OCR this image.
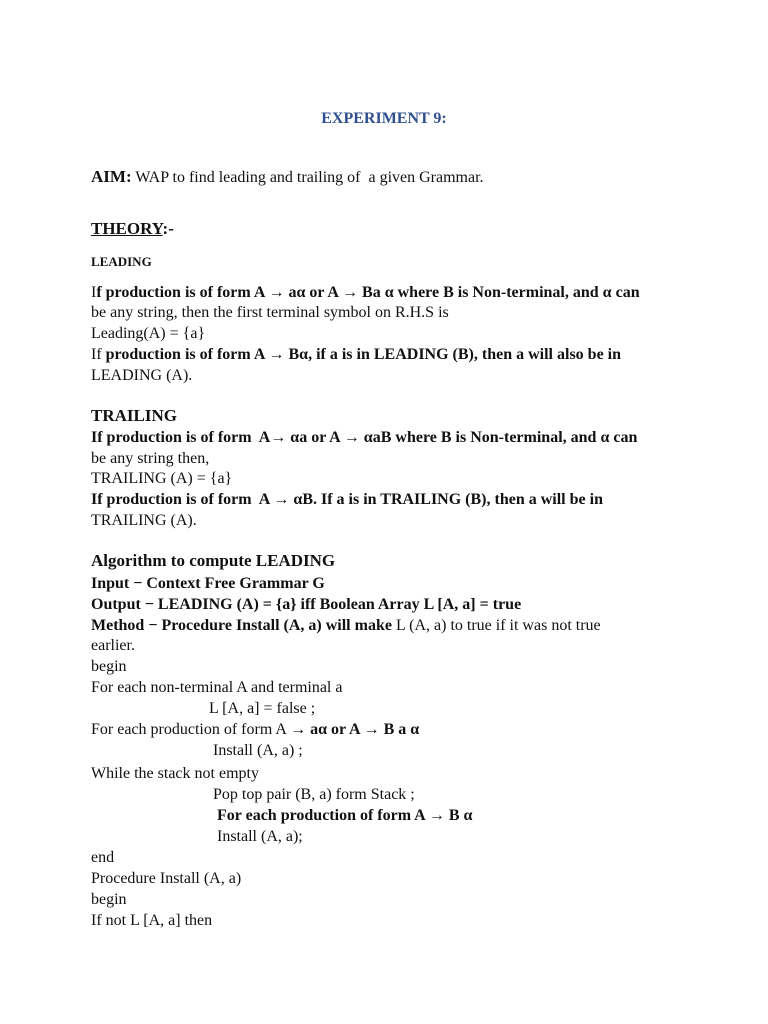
EXPERIMENT 9:
AIM: WAP to find leading and trailing of  a given Grammar.
THEORY:-
LEADING
If production is of form A → aα or A → Ba α where B is Non-terminal, and α can
be any string, then the first terminal symbol on R.H.S is
Leading(A) = {a}
If production is of form A → Bα, if a is in LEADING (B), then a will also be in
LEADING (A).
TRAILING
If production is of form  A→ αa or A → αaB where B is Non-terminal, and α can
be any string then,
TRAILING (A) = {a}
If production is of form  A → αB. If a is in TRAILING (B), then a will be in
TRAILING (A).
Algorithm to compute LEADING
Input − Context Free Grammar G
Output − LEADING (A) = {a} iff Boolean Array L [A, a] = true
Method − Procedure Install (A, a) will make L (A, a) to true if it was not true
earlier.
begin
For each non-terminal A and terminal a
L [A, a] = false ;
For each production of form A → aα or A → B a α
Install (A, a) ;
While the stack not empty
Pop top pair (B, a) form Stack ;
For each production of form A → B α
Install (A, a);
end
Procedure Install (A, a)
begin
If not L [A, a] then
